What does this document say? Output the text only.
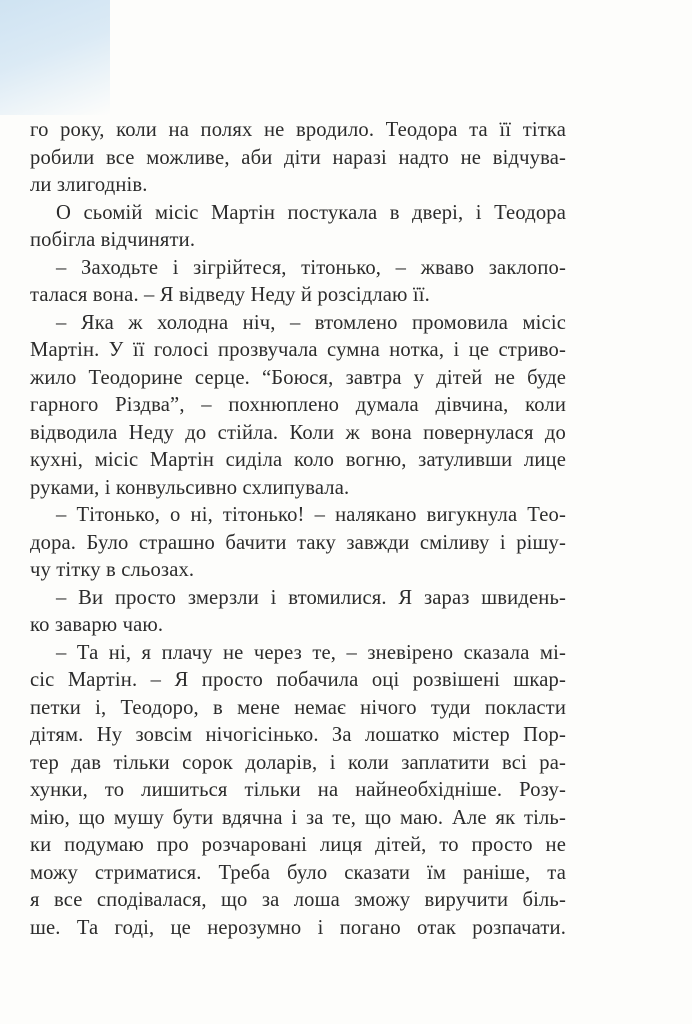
го року, коли на полях не вродило. Теодора та її тітка
робили все можливе, аби діти наразі надто не відчува-
ли злигоднів.
О сьомій місіс Мартін постукала в двері, і Теодора
побігла відчиняти.
– Заходьте і зігрійтеся, тітонько, – жваво заклопо-
талася вона. – Я відведу Неду й розсідлаю її.
– Яка ж холодна ніч, – втомлено промовила місіс
Мартін. У її голосі прозвучала сумна нотка, і це стриво-
жило Теодорине серце. “Боюся, завтра у дітей не буде
гарного Різдва”, – похнюплено думала дівчина, коли
відводила Неду до стійла. Коли ж вона повернулася до
кухні, місіс Мартін сиділа коло вогню, затуливши лице
руками, і конвульсивно схлипувала.
– Тітонько, о ні, тітонько! – налякано вигукнула Тео-
дора. Було страшно бачити таку завжди сміливу і рішу-
чу тітку в сльозах.
– Ви просто змерзли і втомилися. Я зараз швидень-
ко заварю чаю.
– Та ні, я плачу не через те, – зневірено сказала мі-
сіс Мартін. – Я просто побачила оці розвішені шкар-
петки і, Теодоро, в мене немає нічого туди покласти
дітям. Ну зовсім нічогісінько. За лошатко містер Пор-
тер дав тільки сорок доларів, і коли заплатити всі ра-
хунки, то лишиться тільки на найнеобхідніше. Розу-
мію, що мушу бути вдячна і за те, що маю. Але як тіль-
ки подумаю про розчаровані лиця дітей, то просто не
можу стриматися. Треба було сказати їм раніше, та
я все сподівалася, що за лоша зможу виручити біль-
ше. Та годі, це нерозумно і погано отак розпачати.
